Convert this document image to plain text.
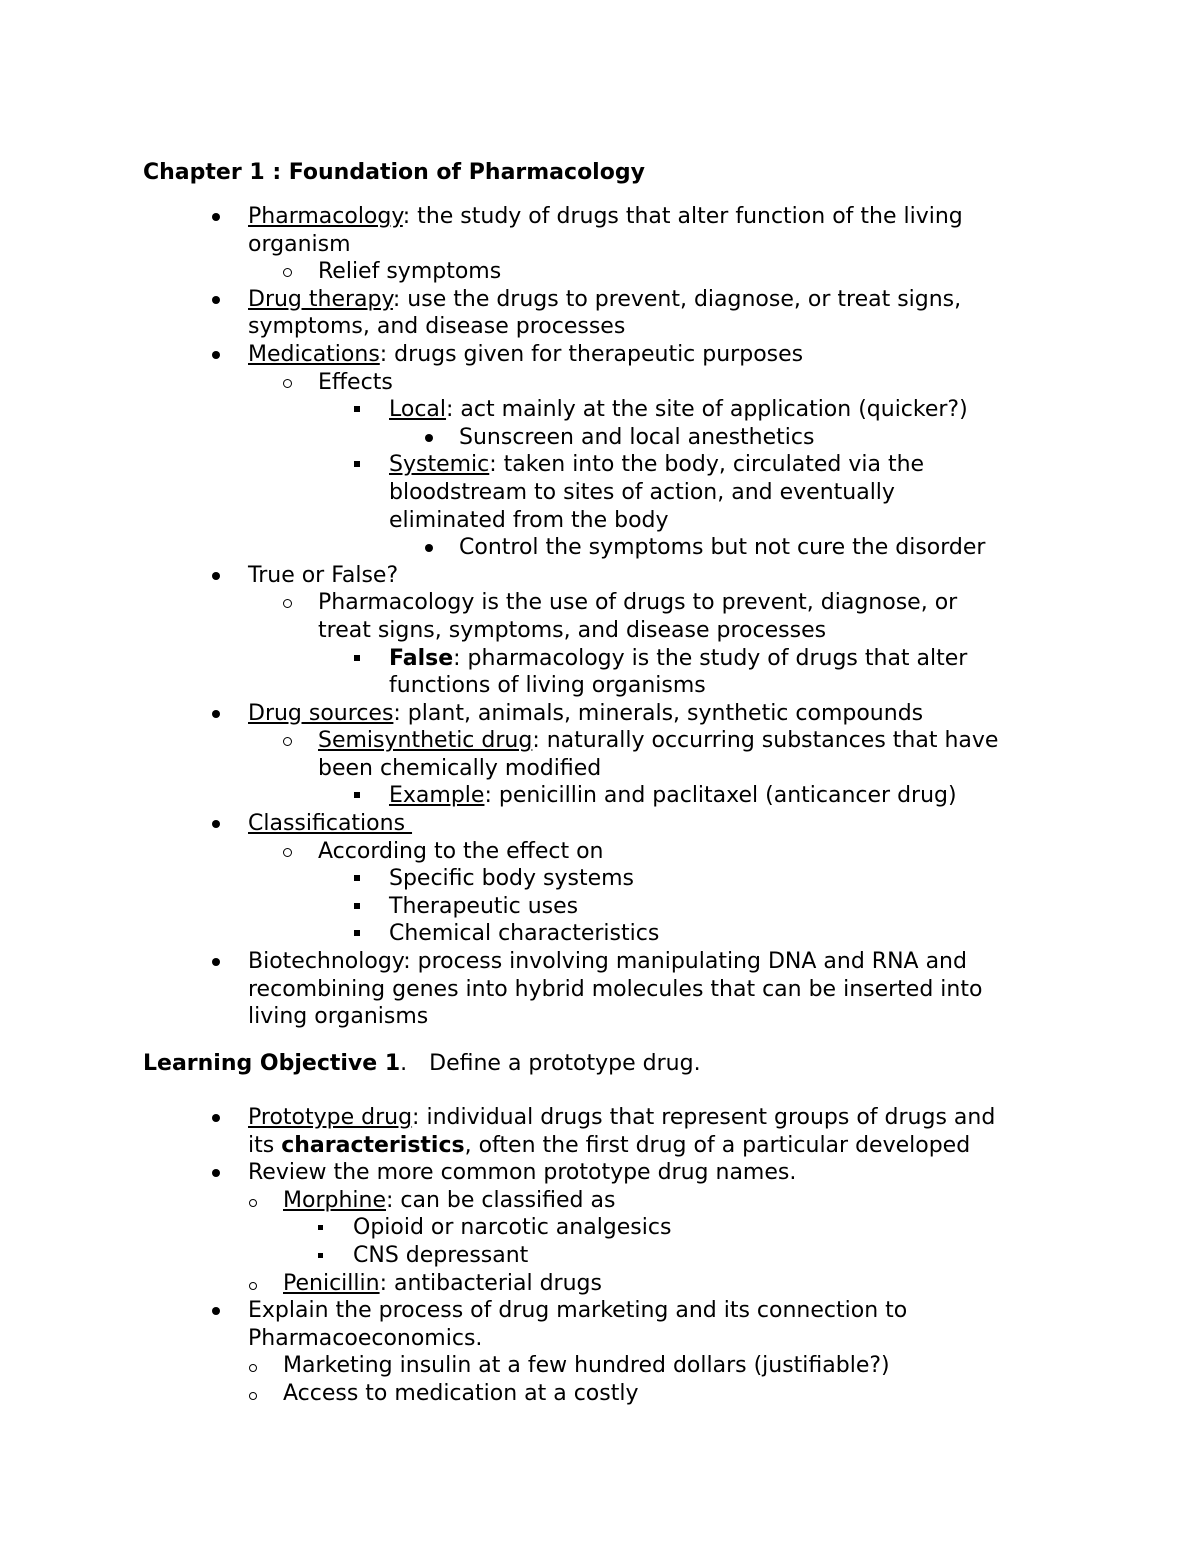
Chapter 1 : Foundation of Pharmacology
Pharmacology: the study of drugs that alter function of the living
organism
Relief symptoms
Drug therapy: use the drugs to prevent, diagnose, or treat signs,
symptoms, and disease processes
Medications: drugs given for therapeutic purposes
Effects
Local: act mainly at the site of application (quicker?)
Sunscreen and local anesthetics
Systemic: taken into the body, circulated via the
bloodstream to sites of action, and eventually
eliminated from the body
Control the symptoms but not cure the disorder
True or False?
Pharmacology is the use of drugs to prevent, diagnose, or
treat signs, symptoms, and disease processes
False: pharmacology is the study of drugs that alter
functions of living organisms
Drug sources: plant, animals, minerals, synthetic compounds
Semisynthetic drug: naturally occurring substances that have
been chemically modified
Example: penicillin and paclitaxel (anticancer drug)
Classifications
According to the effect on
Specific body systems
Therapeutic uses
Chemical characteristics
Biotechnology: process involving manipulating DNA and RNA and
recombining genes into hybrid molecules that can be inserted into
living organisms
Learning Objective 1. Define a prototype drug.
Prototype drug: individual drugs that represent groups of drugs and
its characteristics, often the first drug of a particular developed
Review the more common prototype drug names.
Morphine: can be classified as
Opioid or narcotic analgesics
CNS depressant
Penicillin: antibacterial drugs
Explain the process of drug marketing and its connection to
Pharmacoeconomics.
Marketing insulin at a few hundred dollars (justifiable?)
Access to medication at a costly
